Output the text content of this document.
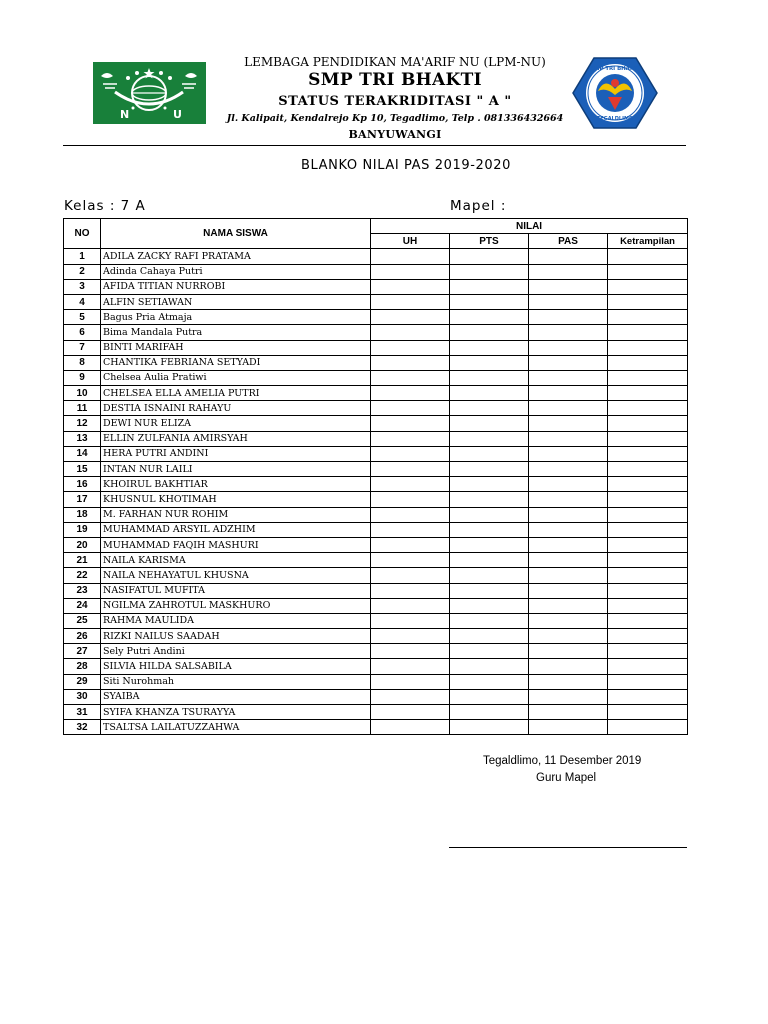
N	U
SMP TRI BHAKTI
TEGALDLIMO
LEMBAGA PENDIDIKAN MA'ARIF NU (LPM-NU)
SMP TRI BHAKTI
STATUS TERAKRIDITASI " A "
Jl. Kalipait, Kendalrejo Kp 10, Tegadlimo, Telp . 081336432664
BANYUWANGI
BLANKO NILAI PAS 2019-2020
Kelas : 7 A	Mapel :
NO	NAMA SISWA	NILAI			
		UH	PTS	PAS	Ketrampilan
1	ADILA ZACKY RAFI PRATAMA				
2	Adinda Cahaya Putri				
3	AFIDA TITIAN NURROBI				
4	ALFIN SETIAWAN				
5	Bagus Pria Atmaja				
6	Bima Mandala Putra				
7	BINTI MARIFAH				
8	CHANTIKA FEBRIANA SETYADI				
9	Chelsea Aulia Pratiwi				
10	CHELSEA ELLA AMELIA PUTRI				
11	DESTIA ISNAINI RAHAYU				
12	DEWI NUR ELIZA				
13	ELLIN ZULFANIA AMIRSYAH				
14	HERA PUTRI ANDINI				
15	INTAN NUR LAILI				
16	KHOIRUL BAKHTIAR				
17	KHUSNUL KHOTIMAH				
18	M. FARHAN NUR ROHIM				
19	MUHAMMAD ARSYIL ADZHIM				
20	MUHAMMAD FAQIH MASHURI				
21	NAILA KARISMA				
22	NAILA NEHAYATUL KHUSNA				
23	NASIFATUL MUFITA				
24	NGILMA ZAHROTUL MASKHURO				
25	RAHMA MAULIDA				
26	RIZKI NAILUS SAADAH				
27	Sely Putri Andini				
28	SILVIA HILDA SALSABILA				
29	Siti Nurohmah				
30	SYAIBA				
31	SYIFA KHANZA TSURAYYA				
32	TSALTSA LAILATUZZAHWA				
Tegaldlimo, 11 Desember 2019
Guru Mapel
